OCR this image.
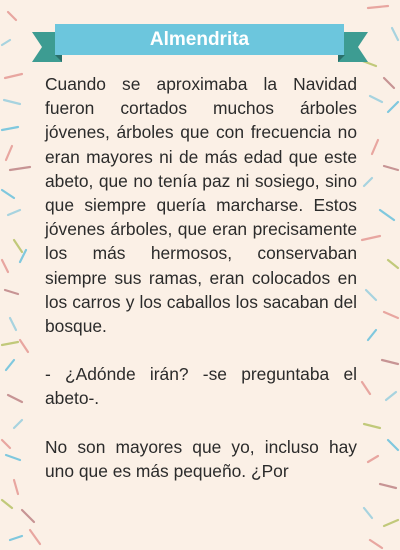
Almendrita

Cuando se aproximaba la Navidad fueron cortados muchos árboles jóvenes, árboles que con frecuencia no eran mayores ni de más edad que este abeto, que no tenía paz ni sosiego, sino que siempre quería marcharse. Estos jóvenes árboles, que eran precisamente los más hermosos, conservaban siempre sus ramas, eran colocados en los carros y los caballos los sacaban del bosque.

- ¿Adónde irán? -se preguntaba el abeto-.

No son mayores que yo, incluso hay uno que es más pequeño. ¿Por
